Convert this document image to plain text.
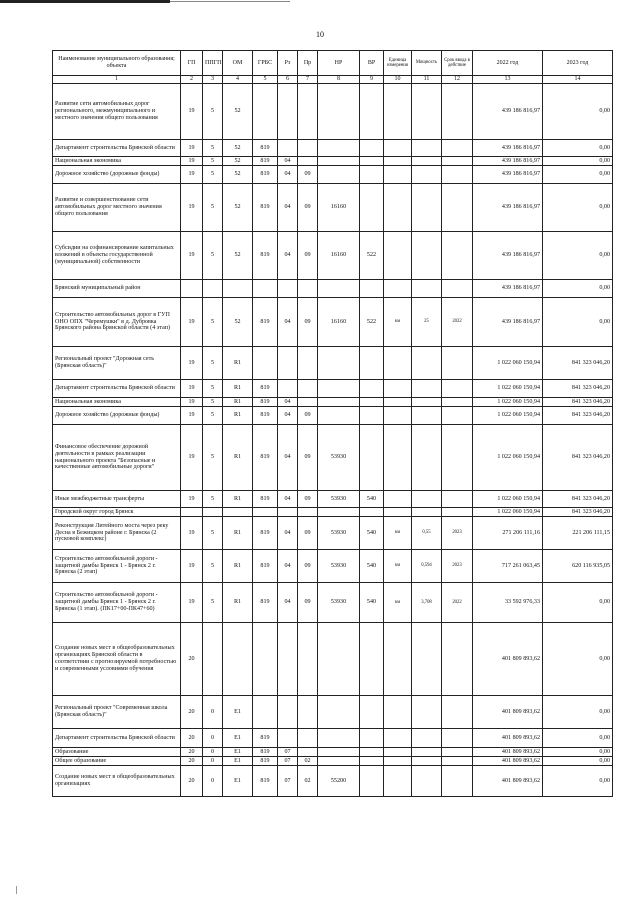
10
Наименование муниципального образования; объекта	ГП	ППГП	ОМ	ГРБС	Рз	Пр	НР	ВР	Единица измерения	Мощность	Срок ввода в действие	2022 год	2023 год
1	2	3	4	5	6	7	8	9	10	11	12	13	14
Развитие сети автомобильных дорог регионального, межмуниципального и местного значения общего пользования	19	5	52									439 186 816,97	0,00
Департамент строительства Брянской области	19	5	52	819								439 186 816,97	0,00
Национальная экономика	19	5	52	819	04							439 186 816,97	0,00
Дорожное хозяйство (дорожные фонды)	19	5	52	819	04	09						439 186 816,97	0,00
Развитие и совершенствование сети автомобильных дорог местного значения общего пользования	19	5	52	819	04	09	16160					439 186 816,97	0,00
Субсидии на софинансирование капитальных вложений в объекты государственной (муниципальной) собственности	19	5	52	819	04	09	16160	522				439 186 816,97	0,00
Брянский муниципальный район												439 186 816,97	0,00
Строительство автомобильных дорог в ГУП ОНО ОПХ "Черемушки" в д. Дубровка Брянского района Брянской области (4 этап)	19	5	52	819	04	09	16160	522	км	25	2022	439 186 816,97	0,00
Региональный проект "Дорожная сеть (Брянская область)"	19	5	R1									1 022 060 150,94	841 323 046,20
Департамент строительства Брянской области	19	5	R1	819								1 022 060 150,94	841 323 046,20
Национальная экономика	19	5	R1	819	04							1 022 060 150,94	841 323 046,20
Дорожное хозяйство (дорожные фонды)	19	5	R1	819	04	09						1 022 060 150,94	841 323 046,20
Финансовое обеспечение дорожной деятельности в рамках реализации национального проекта "Безопасные и качественные автомобильные дороги"	19	5	R1	819	04	09	53930					1 022 060 150,94	841 323 046,20
Иные межбюджетные трансферты	19	5	R1	819	04	09	53930	540				1 022 060 150,94	841 323 046,20
Городской округ город Брянск												1 022 060 150,94	841 323 046,20
Реконструкция Литейного моста через реку Десна в Бежицком районе г. Брянска (2 пусковой комплекс)	19	5	R1	819	04	09	53930	540	км	0,55	2023	271 206 111,16	221 206 111,15
Строительство автомобильной дороги - защитной дамбы Брянск 1 - Брянск 2 г. Брянска (2 этап)	19	5	R1	819	04	09	53930	540	км	0,594	2023	717 261 063,45	620 116 935,05
Строительство автомобильной дороги - защитной дамбы Брянск 1 - Брянск 2 г. Брянска (1 этап). (ПК17+00-ПК47+60)	19	5	R1	819	04	09	53930	540	км	3,708	2022	33 592 976,33	0,00
Создание новых мест в общеобразовательных организациях Брянской области в соответствии с прогнозируемой потребностью и современными условиями обучения	20											401 809 893,62	0,00
Региональный проект "Современная школа (Брянская область)"	20	0	E1									401 809 893,62	0,00
Департамент строительства Брянской области	20	0	E1	819								401 809 893,62	0,00
Образование	20	0	E1	819	07							401 809 893,62	0,00
Общее образование	20	0	E1	819	07	02						401 809 893,62	0,00
Создание новых мест в общеобразовательных организациях	20	0	E1	819	07	02	55200					401 809 893,62	0,00
